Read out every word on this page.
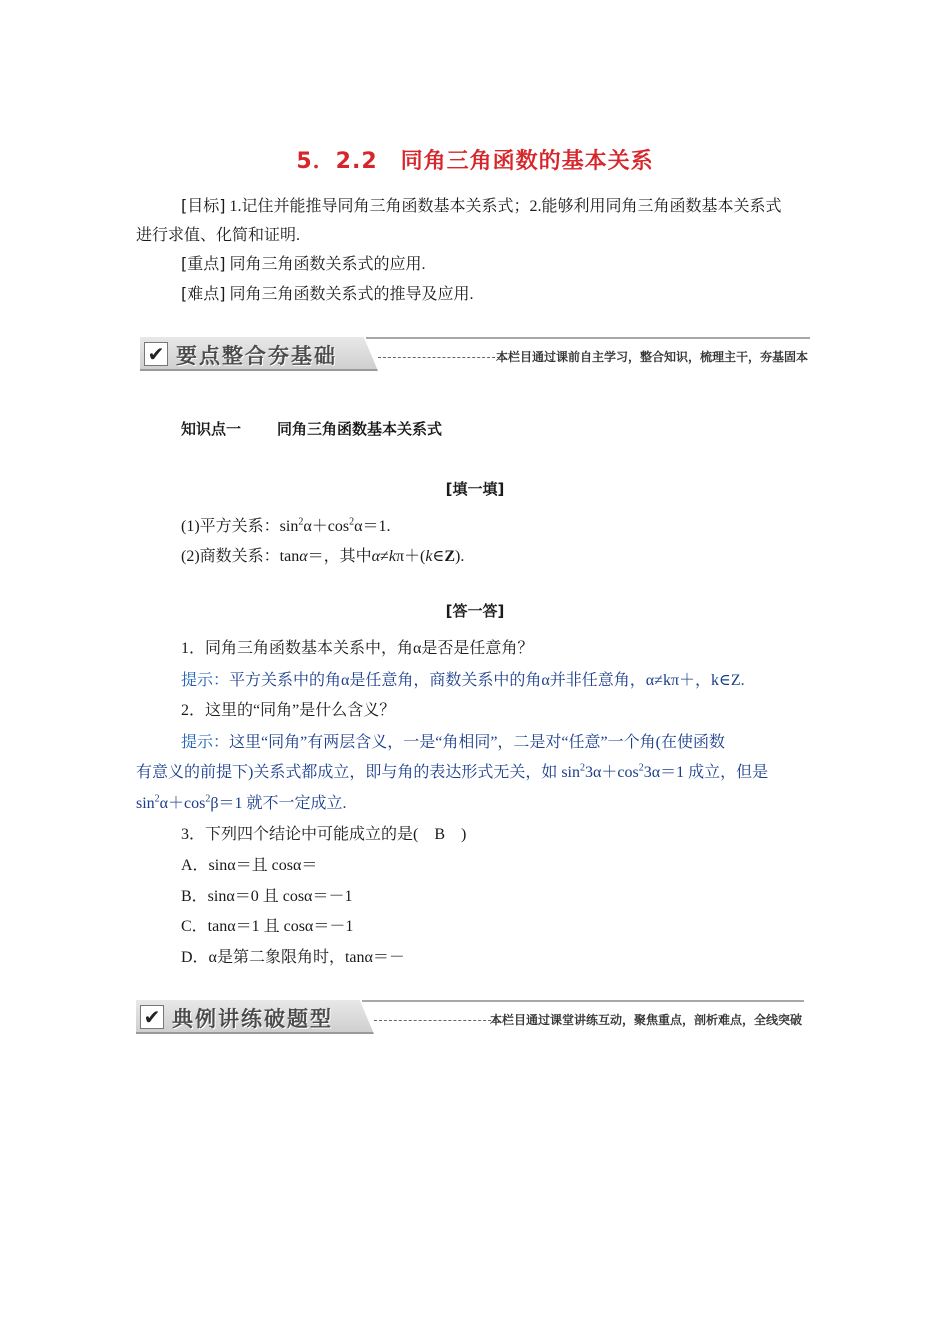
5．2.2　同角三角函数的基本关系
[目标] 1.记住并能推导同角三角函数基本关系式；2.能够利用同角三角函数基本关系式
进行求值、化简和证明.
[重点] 同角三角函数关系式的应用.
[难点] 同角三角函数关系式的推导及应用.
✔ 要点整合夯基础	本栏目通过课前自主学习，整合知识，梳理主干，夯基固本
知识点一 同角三角函数基本关系式
[填一填]
(1)平方关系：$\sin^2\alpha+\cos^2\alpha=1$.
(2)商数关系：tanα＝，其中α≠kπ＋(k∈Z).
[答一答]
1．同角三角函数基本关系中，角α是否是任意角？
提示：平方关系中的角α是任意角，商数关系中的角α并非任意角，α≠kπ＋，k∈Z.
2．这里的“同角”是什么含义？
提示：这里“同角”有两层含义，一是“角相同”，二是对“任意”一个角(在使函数
有意义的前提下)关系式都成立，即与角的表达形式无关，如 $\sin^23\alpha+\cos^23\alpha=1$ 成立，但是
$\sin^2\alpha+\cos^2\beta=1$ 就不一定成立.
3．下列四个结论中可能成立的是(　B　)
A．sinα＝且 cosα＝
B．sinα＝0 且 cosα＝－1
C．tanα＝1 且 cosα＝－1
D．α是第二象限角时，tanα＝－
✔ 典例讲练破题型	本栏目通过课堂讲练互动，聚焦重点，剖析难点，全线突破
